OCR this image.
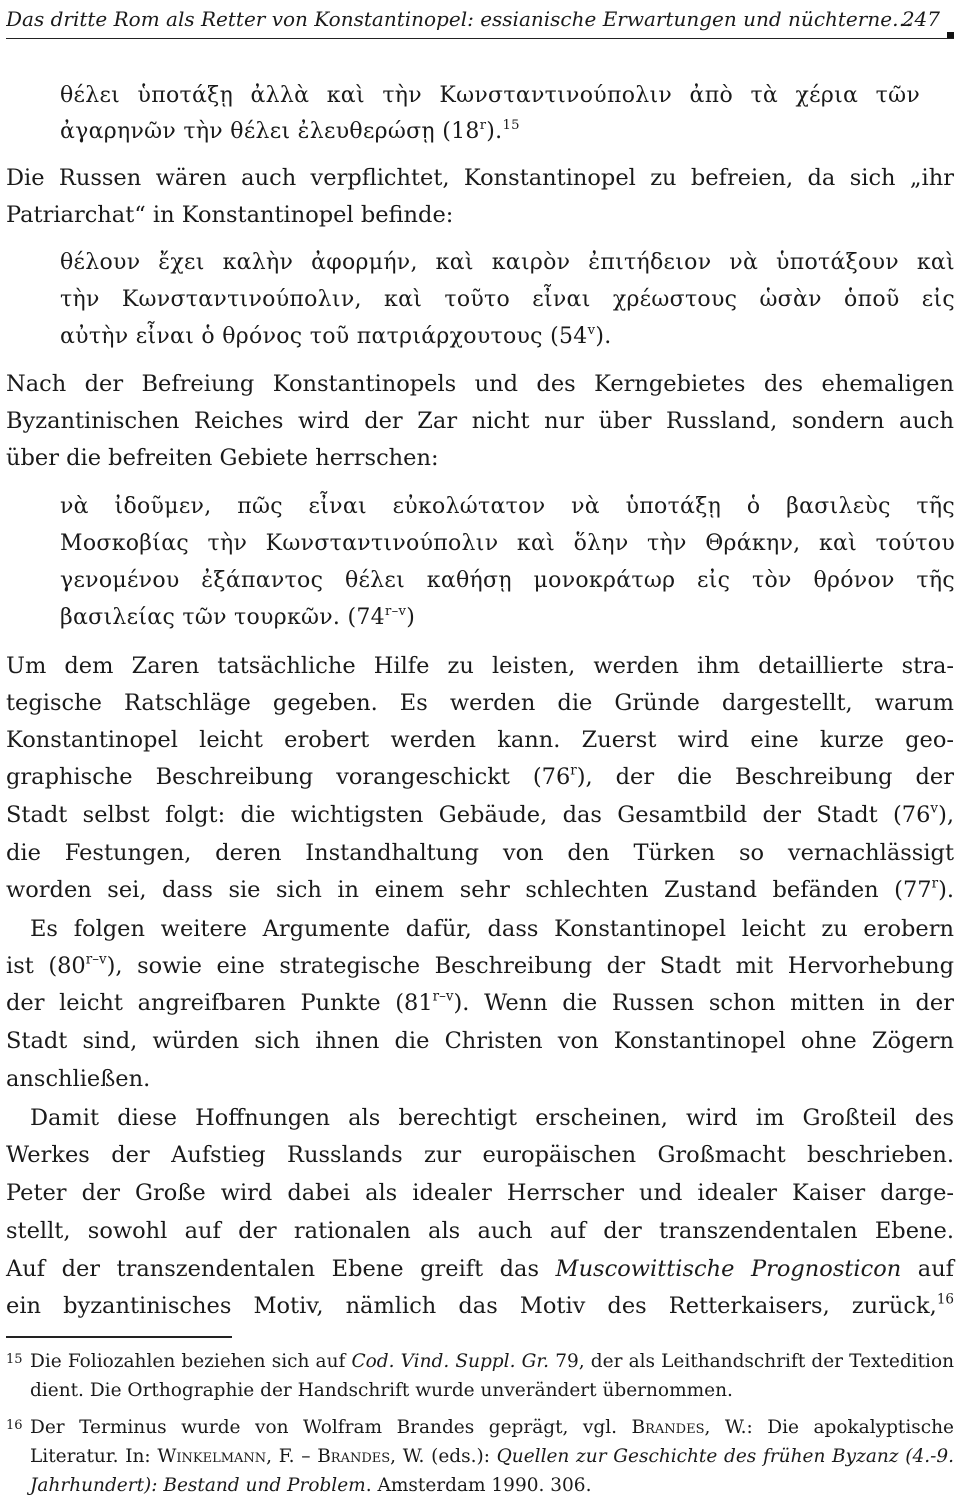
Das dritte Rom als Retter von Konstantinopel: essianische Erwartungen und nüchterne…
247
θέλει ὑποτάξῃ ἀλλὰ καὶ τὴν Κωνσταντινούπολιν ἀπὸ τὰ χέρια τῶν
ἀγαρηνῶν τὴν θέλει ἐλευθερώσῃ (18$^r$).$^{15}$
Die Russen wären auch verpflichtet, Konstantinopel zu befreien, da sich „ihr
Patriarchat“ in Konstantinopel befinde:
θέλουν ἔχει καλὴν ἀφορμήν, καὶ καιρὸν ἐπιτήδειον νὰ ὑποτάξουν καὶ
τὴν Κωνσταντινούπολιν, καὶ τοῦτο εἶναι χρέωστους ὡσὰν ὁποῦ εἰς
αὐτὴν εἶναι ὁ θρόνος τοῦ πατριάρχουτους (54$^v$).
Nach der Befreiung Konstantinopels und des Kerngebietes des ehemaligen
Byzantinischen Reiches wird der Zar nicht nur über Russland, sondern auch
über die befreiten Gebiete herrschen:
νὰ ἰδοῦμεν, πῶς εἶναι εὐκολώτατον νὰ ὑποτάξῃ ὁ βασιλεὺς τῆς
Μοσκοβίας τὴν Κωνσταντινούπολιν καὶ ὅλην τὴν Θράκην, καὶ τούτου
γενομένου ἐξάπαντος θέλει καθήσῃ μονοκράτωρ εἰς τὸν θρόνον τῆς
βασιλείας τῶν τουρκῶν. (74$^{r-v}$)
Um dem Zaren tatsächliche Hilfe zu leisten, werden ihm detaillierte stra-
tegische Ratschläge gegeben. Es werden die Gründe dargestellt, warum
Konstantinopel leicht erobert werden kann. Zuerst wird eine kurze geo-
graphische Beschreibung vorangeschickt (76$^r$), der die Beschreibung der
Stadt selbst folgt: die wichtigsten Gebäude, das Gesamtbild der Stadt (76$^v$),
die Festungen, deren Instandhaltung von den Türken so vernachlässigt
worden sei, dass sie sich in einem sehr schlechten Zustand befänden (77$^r$).
Es folgen weitere Argumente dafür, dass Konstantinopel leicht zu erobern
ist (80$^{r-v}$), sowie eine strategische Beschreibung der Stadt mit Hervorhebung
der leicht angreifbaren Punkte (81$^{r-v}$). Wenn die Russen schon mitten in der
Stadt sind, würden sich ihnen die Christen von Konstantinopel ohne Zögern
anschließen.
Damit diese Hoffnungen als berechtigt erscheinen, wird im Großteil des
Werkes der Aufstieg Russlands zur europäischen Großmacht beschrieben.
Peter der Große wird dabei als idealer Herrscher und idealer Kaiser darge-
stellt, sowohl auf der rationalen als auch auf der transzendentalen Ebene.
Auf der transzendentalen Ebene greift das Muscowittische Prognosticon auf
ein byzantinisches Motiv, nämlich das Motiv des Retterkaisers, zurück,$^{16}$
15 Die Foliozahlen beziehen sich auf Cod. Vind. Suppl. Gr. 79, der als Leithandschrift der Textedition
dient. Die Orthographie der Handschrift wurde unverändert übernommen.
16 Der Terminus wurde von Wolfram Brandes geprägt, vgl. Brandes, W.: Die apokalyptische
Literatur. In: Winkelmann, F. – Brandes, W. (eds.): Quellen zur Geschichte des frühen Byzanz (4.-9.
Jahrhundert): Bestand und Problem. Amsterdam 1990. 306.
